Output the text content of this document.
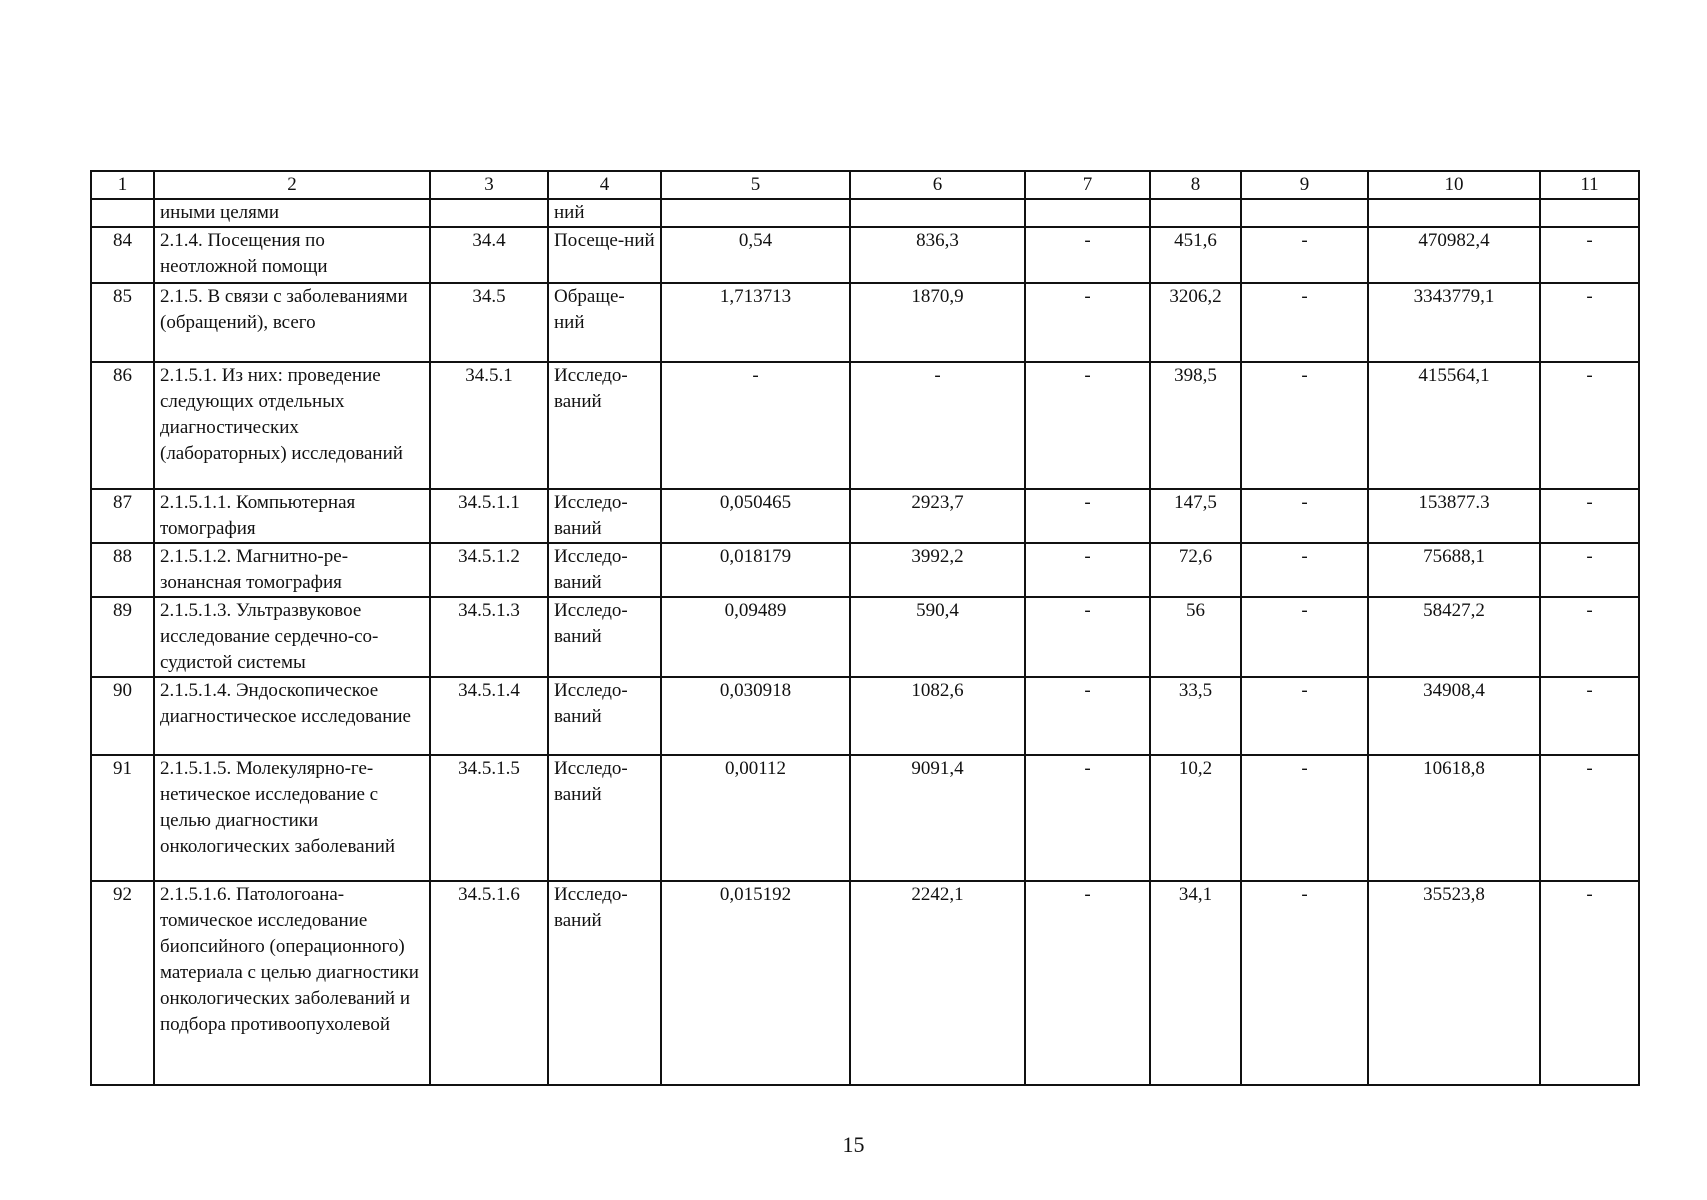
1	2	3	4	5	6	7	8	9	10	11
	иными целями		ний							
84	2.1.4. Посещения по неотложной помощи	34.4	Посеще-ний	0,54	836,3	-	451,6	-	470982,4	-
85	2.1.5. В связи с заболеваниями (обращений), всего	34.5	Обраще-ний	1,713713	1870,9	-	3206,2	-	3343779,1	-
86	2.1.5.1. Из них: проведение следующих отдельных диагностических (лабораторных) исследований	34.5.1	Исследо-ваний	-	-	-	398,5	-	415564,1	-
87	2.1.5.1.1. Компьютерная томография	34.5.1.1	Исследо-ваний	0,050465	2923,7	-	147,5	-	153877.3	-
88	2.1.5.1.2. Магнитно-ре-зонансная томография	34.5.1.2	Исследо-ваний	0,018179	3992,2	-	72,6	-	75688,1	-
89	2.1.5.1.3. Ультразвуковое исследование сердечно-со-судистой системы	34.5.1.3	Исследо-ваний	0,09489	590,4	-	56	-	58427,2	-
90	2.1.5.1.4. Эндоскопическое диагностическое исследование	34.5.1.4	Исследо-ваний	0,030918	1082,6	-	33,5	-	34908,4	-
91	2.1.5.1.5. Молекулярно-ге-нетическое исследование с целью диагностики онкологических заболеваний	34.5.1.5	Исследо-ваний	0,00112	9091,4	-	10,2	-	10618,8	-
92	2.1.5.1.6. Патологоана-томическое исследование биопсийного (операционного) материала с целью диагностики онкологических заболеваний и подбора противоопухолевой	34.5.1.6	Исследо-ваний	0,015192	2242,1	-	34,1	-	35523,8	-
15
